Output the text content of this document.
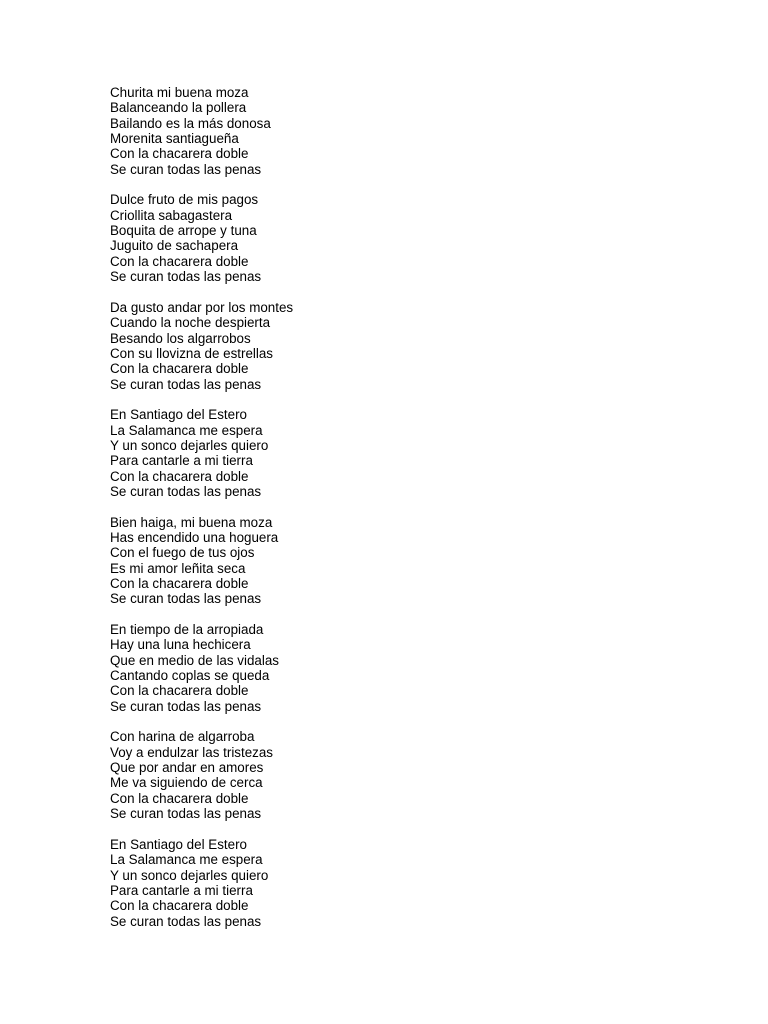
Churita mi buena moza
Balanceando la pollera
Bailando es la más donosa
Morenita santiagueña
Con la chacarera doble
Se curan todas las penas
Dulce fruto de mis pagos
Criollita sabagastera
Boquita de arrope y tuna
Juguito de sachapera
Con la chacarera doble
Se curan todas las penas
Da gusto andar por los montes
Cuando la noche despierta
Besando los algarrobos
Con su llovizna de estrellas
Con la chacarera doble
Se curan todas las penas
En Santiago del Estero
La Salamanca me espera
Y un sonco dejarles quiero
Para cantarle a mi tierra
Con la chacarera doble
Se curan todas las penas
Bien haiga, mi buena moza
Has encendido una hoguera
Con el fuego de tus ojos
Es mi amor leñita seca
Con la chacarera doble
Se curan todas las penas
En tiempo de la arropiada
Hay una luna hechicera
Que en medio de las vidalas
Cantando coplas se queda
Con la chacarera doble
Se curan todas las penas
Con harina de algarroba
Voy a endulzar las tristezas
Que por andar en amores
Me va siguiendo de cerca
Con la chacarera doble
Se curan todas las penas
En Santiago del Estero
La Salamanca me espera
Y un sonco dejarles quiero
Para cantarle a mi tierra
Con la chacarera doble
Se curan todas las penas
